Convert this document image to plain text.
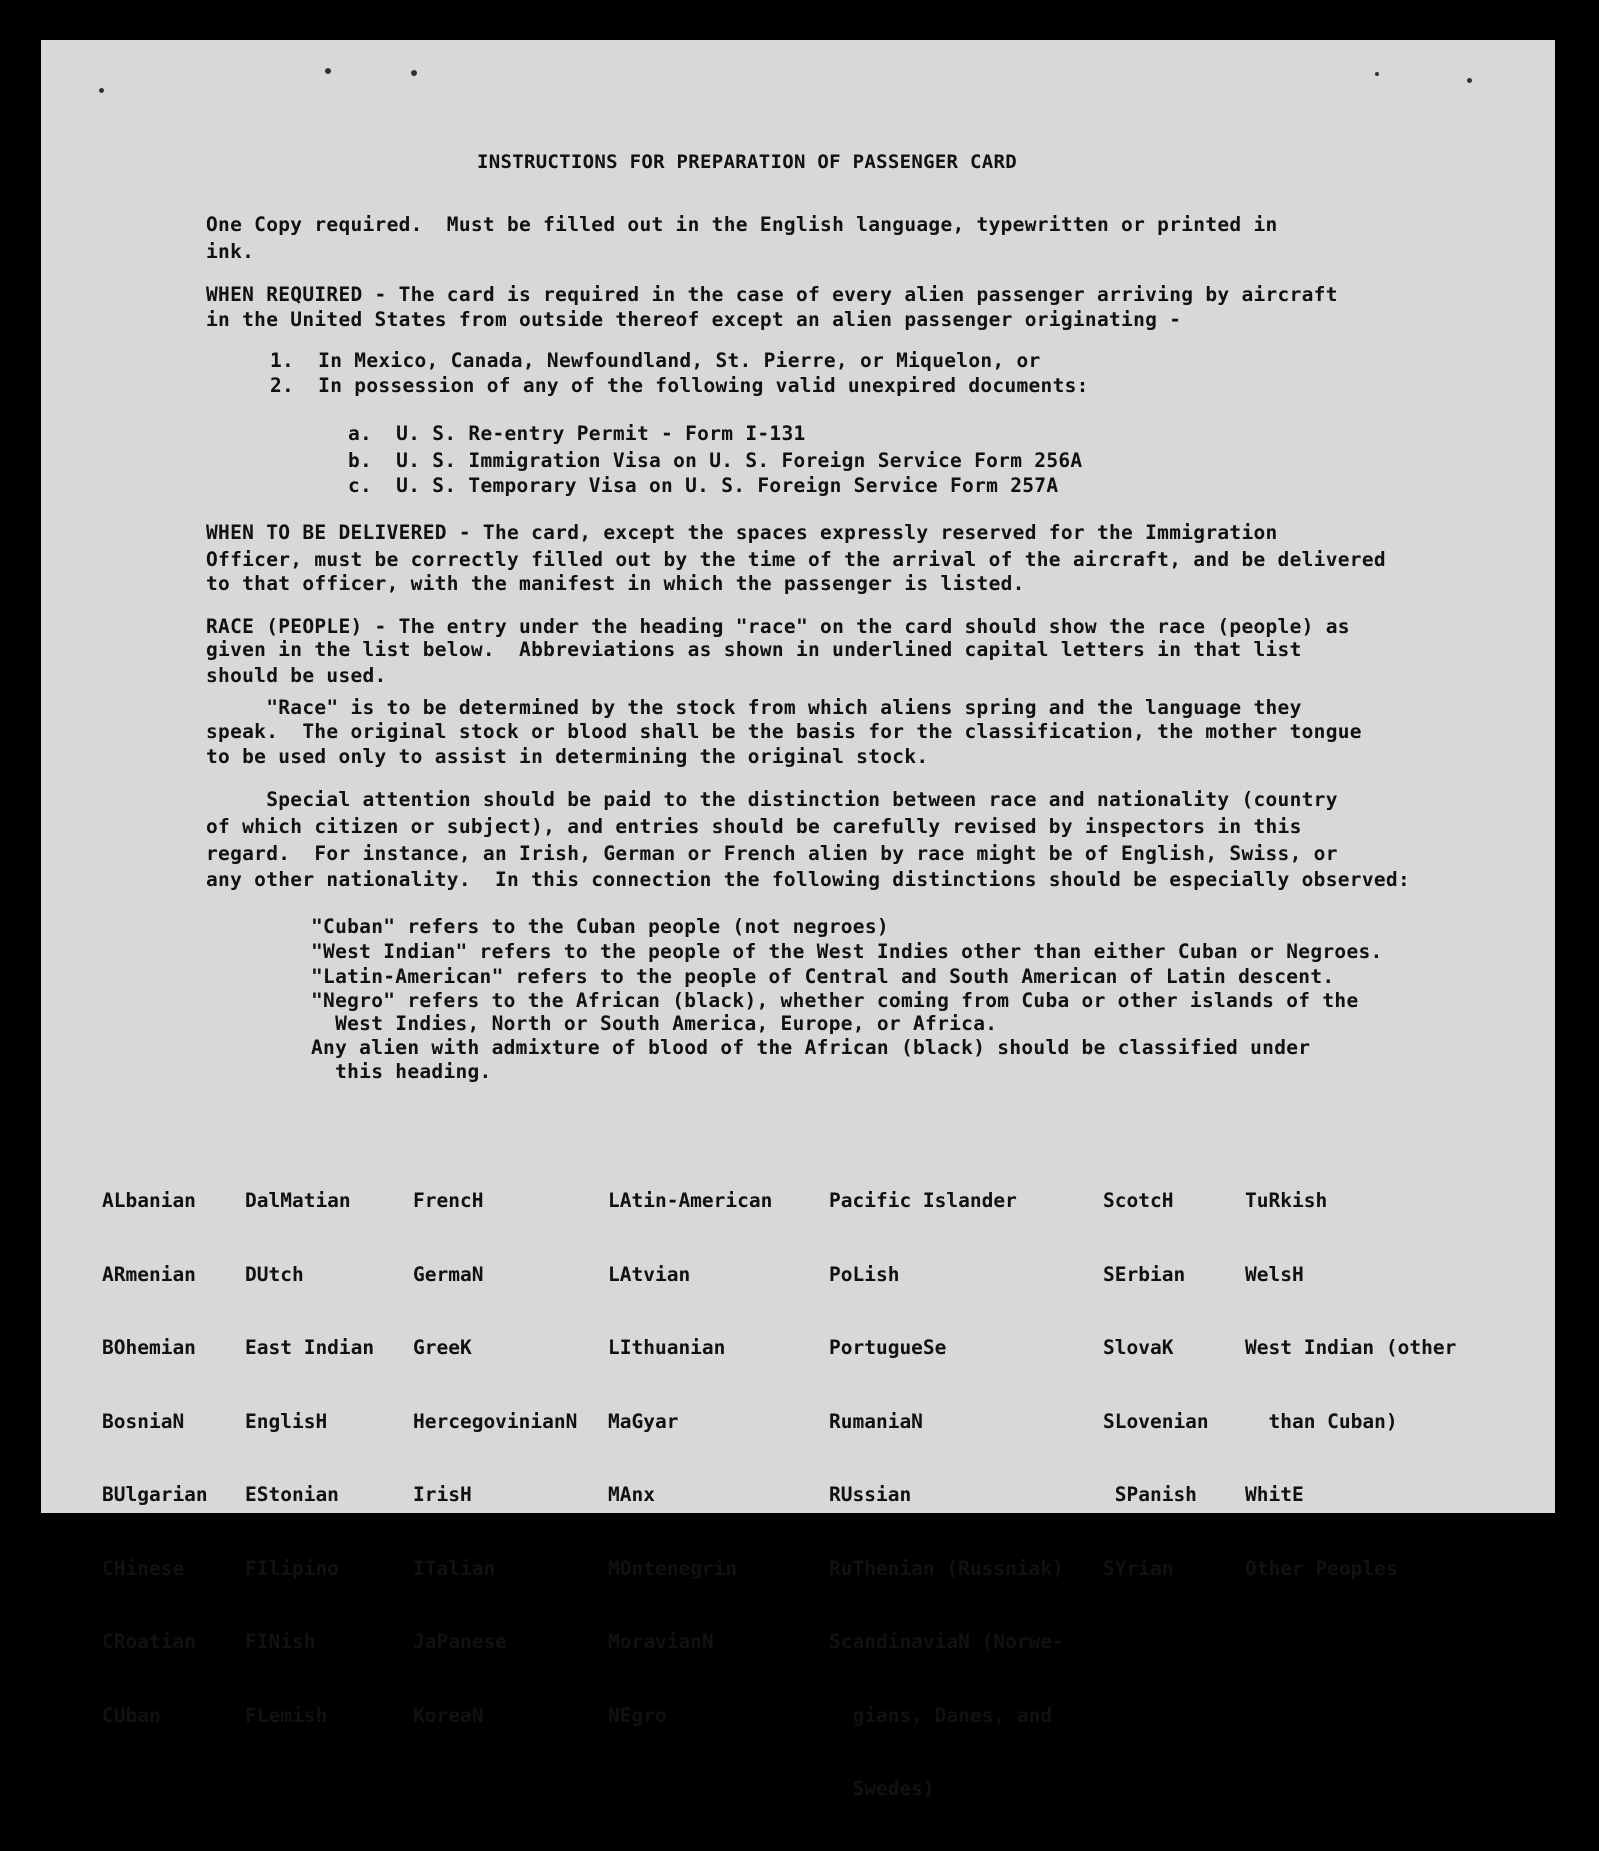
INSTRUCTIONS FOR PREPARATION OF PASSENGER CARD
One Copy required.  Must be filled out in the English language, typewritten or printed in
ink.
WHEN REQUIRED - The card is required in the case of every alien passenger arriving by aircraft
in the United States from outside thereof except an alien passenger originating -
1.  In Mexico, Canada, Newfoundland, St. Pierre, or Miquelon, or
2.  In possession of any of the following valid unexpired documents:
a.  U. S. Re-entry Permit - Form I-131
b.  U. S. Immigration Visa on U. S. Foreign Service Form 256A
c.  U. S. Temporary Visa on U. S. Foreign Service Form 257A
WHEN TO BE DELIVERED - The card, except the spaces expressly reserved for the Immigration
Officer, must be correctly filled out by the time of the arrival of the aircraft, and be delivered
to that officer, with the manifest in which the passenger is listed.
RACE (PEOPLE) - The entry under the heading "race" on the card should show the race (people) as
given in the list below.  Abbreviations as shown in underlined capital letters in that list
should be used.
"Race" is to be determined by the stock from which aliens spring and the language they
speak.  The original stock or blood shall be the basis for the classification, the mother tongue
to be used only to assist in determining the original stock.
Special attention should be paid to the distinction between race and nationality (country
of which citizen or subject), and entries should be carefully revised by inspectors in this
regard.  For instance, an Irish, German or French alien by race might be of English, Swiss, or
any other nationality.  In this connection the following distinctions should be especially observed:
"Cuban" refers to the Cuban people (not negroes)
"West Indian" refers to the people of the West Indies other than either Cuban or Negroes.
"Latin-American" refers to the people of Central and South American of Latin descent.
"Negro" refers to the African (black), whether coming from Cuba or other islands of the
West Indies, North or South America, Europe, or Africa.
Any alien with admixture of blood of the African (black) should be classified under
this heading.

ALbanian

ARmenian

BOhemian

BosniaN

BUlgarian

CHinese

CRoatian

CUban

DalMatian

DUtch

East Indian

EnglisH

EStonian

FIlipino

FINish

FLemish

FrencH

GermaN

GreeK

HercegovinianN

IrisH

ITalian

JaPanese

KoreaN

LAtin-American

LAtvian

LIthuanian

MaGyar

MAnx

MOntenegrin

MoravianN

NEgro

Pacific Islander

PoLish

PortugueSe

RumaniaN

RUssian

RuThenian (Russniak)

ScandinaviaN (Norwe-

gians, Danes, and

Swedes)

ScotcH

SErbian

SlovaK

SLovenian

SPanish

SYrian

TuRkish

WelsH

West Indian (other

than Cuban)

WhitE

Other Peoples
